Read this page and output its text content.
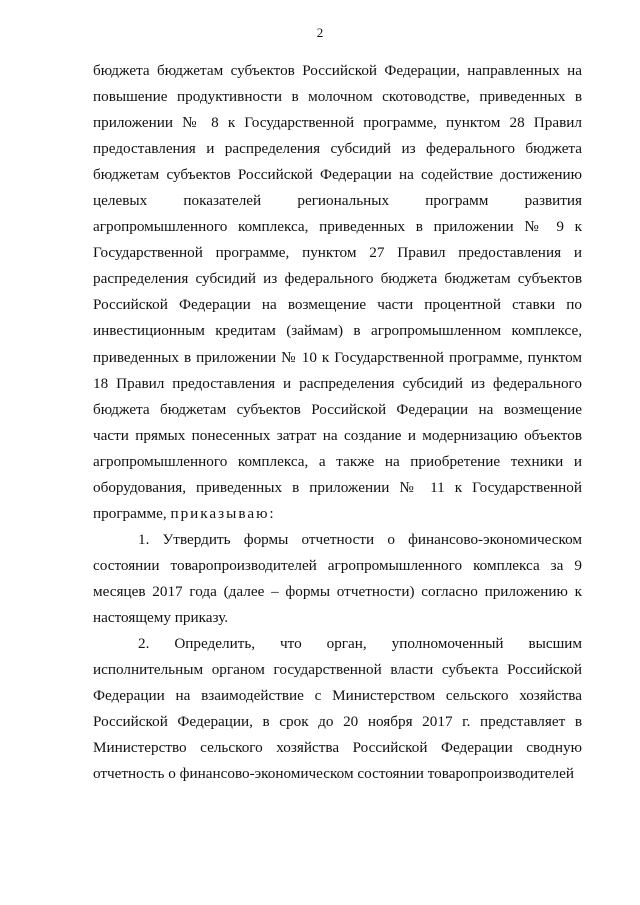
2

бюджета бюджетам субъектов Российской Федерации, направленных на повышение продуктивности в молочном скотоводстве, приведенных в приложении № 8 к Государственной программе, пунктом 28 Правил предоставления и распределения субсидий из федерального бюджета бюджетам субъектов Российской Федерации на содействие достижению целевых показателей региональных программ развития агропромышленного комплекса, приведенных в приложении № 9 к Государственной программе, пунктом 27 Правил предоставления и распределения субсидий из федерального бюджета бюджетам субъектов Российской Федерации на возмещение части процентной ставки по инвестиционным кредитам (займам) в агропромышленном комплексе, приведенных в приложении № 10 к Государственной программе, пунктом 18 Правил предоставления и распределения субсидий из федерального бюджета бюджетам субъектов Российской Федерации на возмещение части прямых понесенных затрат на создание и модернизацию объектов агропромышленного комплекса, а также на приобретение техники и оборудования, приведенных в приложении № 11 к Государственной программе, приказываю:

1. Утвердить формы отчетности о финансово-экономическом состоянии товаропроизводителей агропромышленного комплекса за 9 месяцев 2017 года (далее – формы отчетности) согласно приложению к настоящему приказу.

2. Определить, что орган, уполномоченный высшим исполнительным органом государственной власти субъекта Российской Федерации на взаимодействие с Министерством сельского хозяйства Российской Федерации, в срок до 20 ноября 2017 г. представляет в Министерство сельского хозяйства Российской Федерации сводную отчетность о финансово-экономическом состоянии товаропроизводителей
